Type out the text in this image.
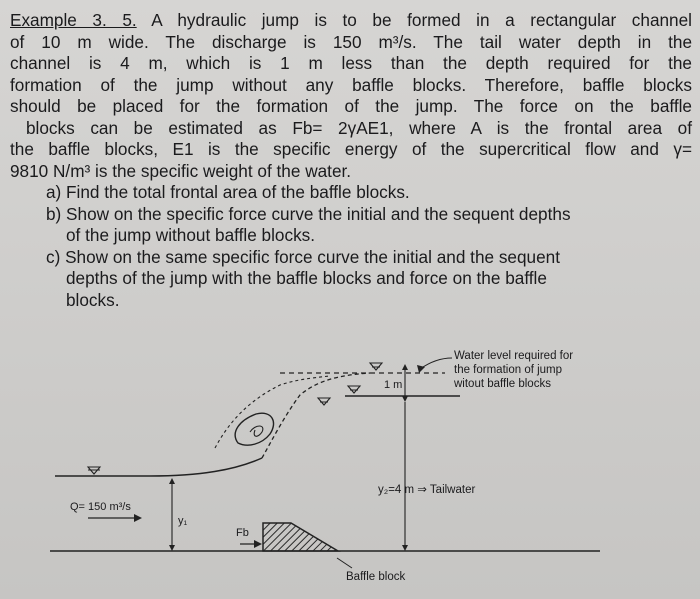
Example 3. 5. A hydraulic jump is to be formed in a rectangular channel
of 10 m wide. The discharge is 150 m³/s. The tail water depth in the
channel is 4 m, which is 1 m less than the depth required for the
formation of the jump without any baffle blocks. Therefore, baffle blocks
should be placed for the formation of the jump. The force on the baffle
blocks can be estimated as Fb= 2γAE1, where A is the frontal area of
the baffle blocks, E1 is the specific energy of the supercritical flow and γ=
9810 N/m³ is the specific weight of the water.
a) Find the total frontal area of the baffle blocks.
b) Show on the specific force curve the initial and the sequent depths
of the jump without baffle blocks.
c) Show on the same specific force curve the initial and the sequent
depths of the jump with the baffle blocks and force on the baffle
blocks.
Water level required for
the formation of jump
witout baffle blocks
1 m
y₂=4 m ⇒ Tailwater
Q= 150 m³/s
y₁
Fb
Baffle block
